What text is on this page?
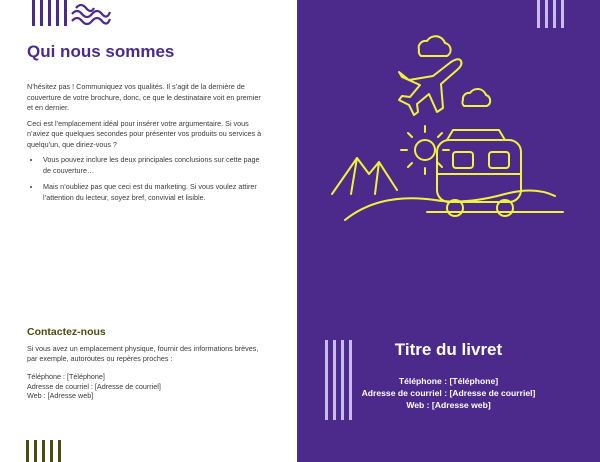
Qui nous sommes

N’hésitez pas ! Communiquez vos qualités. Il s’agit de la dernière de couverture de votre brochure, donc, ce que le destinataire voit en premier et en dernier.

Ceci est l’emplacement idéal pour insérer votre argumentaire. Si vous n’aviez que quelques secondes pour présenter vos produits ou services à quelqu’un, que diriez-vous ?

• Vous pouvez inclure les deux principales conclusions sur cette page de couverture…
• Mais n’oubliez pas que ceci est du marketing. Si vous voulez attirer l’attention du lecteur, soyez bref, convivial et lisible.
Contactez-nous
Si vous avez un emplacement physique, fournir des informations brèves, par exemple, autoroutes ou repères proches :
Téléphone : [Téléphone]
Adresse de courriel : [Adresse de courriel]
Web : [Adresse web]
Titre du livret
Téléphone : [Téléphone]
Adresse de courriel : [Adresse de courriel]
Web : [Adresse web]
